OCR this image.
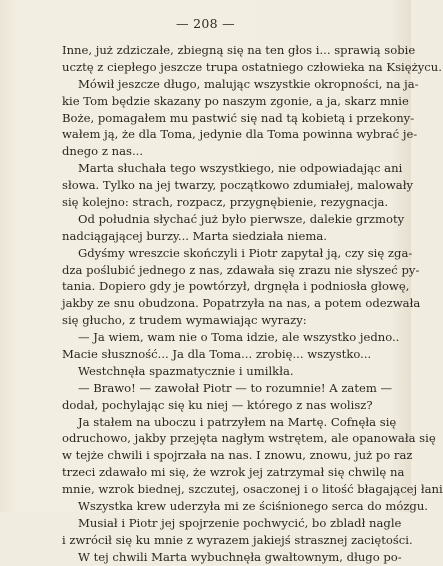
— 208 —
Inne, już zdziczałe, zbiegną się na ten głos i... sprawią sobie
ucztę z ciepłego jeszcze trupa ostatniego człowieka na Księżycu.
Mówił jeszcze długo, malując wszystkie okropności, na ja-
kie Tom będzie skazany po naszym zgonie, a ja, skarz mnie
Boże, pomagałem mu pastwić się nad tą kobietą i przekony-
wałem ją, że dla Toma, jedynie dla Toma powinna wybrać je-
dnego z nas...
Marta słuchała tego wszystkiego, nie odpowiadając ani
słowa. Tylko na jej twarzy, początkowo zdumiałej, malowały
się kolejno: strach, rozpacz, przygnębienie, rezygnacja.
Od południa słychać już było pierwsze, dalekie grzmoty
nadciągającej burzy... Marta siedziała niema.
Gdyśmy wreszcie skończyli i Piotr zapytał ją, czy się zga-
dza poślubić jednego z nas, zdawała się zrazu nie słyszeć py-
tania. Dopiero gdy je powtórzył, drgnęła i podniosła głowę,
jakby ze snu obudzona. Popatrzyła na nas, a potem odezwała
się głucho, z trudem wymawiając wyrazy:
— Ja wiem, wam nie o Toma idzie, ale wszystko jedno..
Macie słuszność... Ja dla Toma... zrobię... wszystko...
Westchnęła spazmatycznie i umilkła.
— Brawo! — zawołał Piotr — to rozumnie! A zatem —
dodał, pochylając się ku niej — którego z nas wolisz?
Ja stałem na uboczu i patrzyłem na Martę. Cofnęła się
odruchowo, jakby przejęta nagłym wstrętem, ale opanowała się
w tejże chwili i spojrzała na nas. I znowu, znowu, już po raz
trzeci zdawało mi się, że wzrok jej zatrzymał się chwilę na
mnie, wzrok biednej, szczutej, osaczonej i o litość błagającej łani
Wszystka krew uderzyła mi ze ściśnionego serca do mózgu.
Musiał i Piotr jej spojrzenie pochwycić, bo zbladł nagle
i zwrócił się ku mnie z wyrazem jakiejś strasznej zaciętości.
W tej chwili Marta wybuchnęła gwałtownym, długo po-
